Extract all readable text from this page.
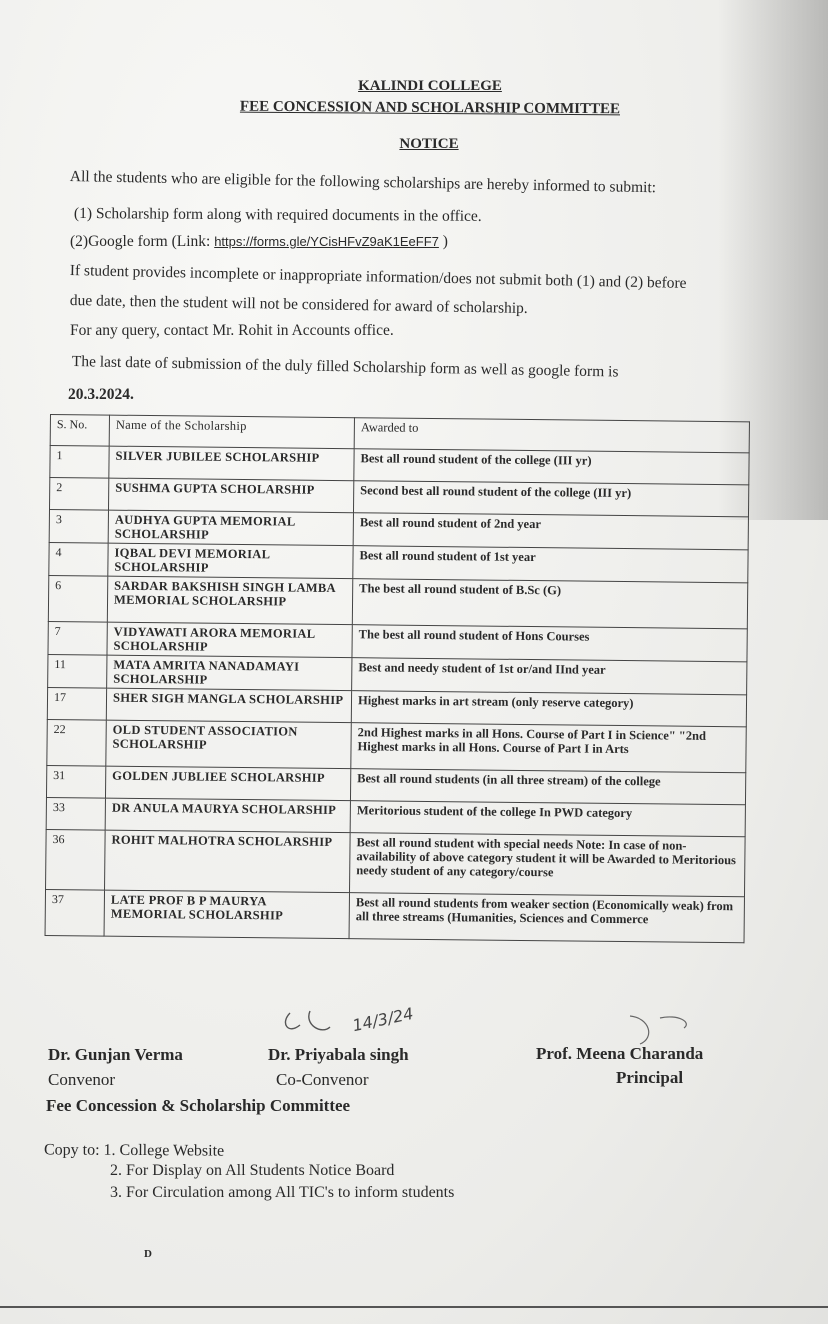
KALINDI COLLEGE
FEE CONCESSION AND SCHOLARSHIP COMMITTEE
NOTICE
All the students who are eligible for the following scholarships are hereby informed to submit:
(1) Scholarship form along with required documents in the office.
(2)Google form (Link: https://forms.gle/YCisHFvZ9aK1EeFF7 )
If student provides incomplete or inappropriate information/does not submit both (1) and (2) before
due date, then the student will not be considered for award of scholarship.
For any query, contact Mr. Rohit in Accounts office.
The last date of submission of the duly filled Scholarship form as well as google form is
20.3.2024.
S. No.	Name of the Scholarship	Awarded to
1	SILVER JUBILEE SCHOLARSHIP	Best all round student of the college (III yr)
2	SUSHMA GUPTA SCHOLARSHIP	Second best all round student of the college (III yr)
3	AUDHYA GUPTA MEMORIAL SCHOLARSHIP	Best all round student of 2nd year
4	IQBAL DEVI MEMORIAL SCHOLARSHIP	Best all round student of 1st year
6	SARDAR BAKSHISH SINGH LAMBA MEMORIAL SCHOLARSHIP	The best all round student of B.Sc (G)
7	VIDYAWATI ARORA MEMORIAL SCHOLARSHIP	The best all round student of Hons Courses
11	MATA AMRITA NANADAMAYI SCHOLARSHIP	Best and needy student of 1st or/and IInd year
17	SHER SIGH MANGLA SCHOLARSHIP	Highest marks in art stream (only reserve category)
22	OLD STUDENT ASSOCIATION SCHOLARSHIP	2nd Highest marks in all Hons. Course of Part I in Science" "2nd Highest marks in all Hons. Course of Part I in Arts
31	GOLDEN JUBLIEE SCHOLARSHIP	Best all round students (in all three stream) of the college
33	DR ANULA MAURYA SCHOLARSHIP	Meritorious student of the college In PWD category
36	ROHIT MALHOTRA SCHOLARSHIP	Best all round student with special needs Note: In case of non-availability of above category student it will be Awarded to Meritorious needy student of any category/course
37	LATE PROF B P MAURYA MEMORIAL SCHOLARSHIP	Best all round students from weaker section (Economically weak) from all three streams (Humanities, Sciences and Commerce
14/3/24
Dr. Gunjan Verma
Convenor
Fee Concession & Scholarship Committee
Dr. Priyabala singh
Co-Convenor
Prof. Meena Charanda
Principal
Copy to: 1. College Website
2. For Display on All Students Notice Board
3. For Circulation among All TIC's to inform students
D
